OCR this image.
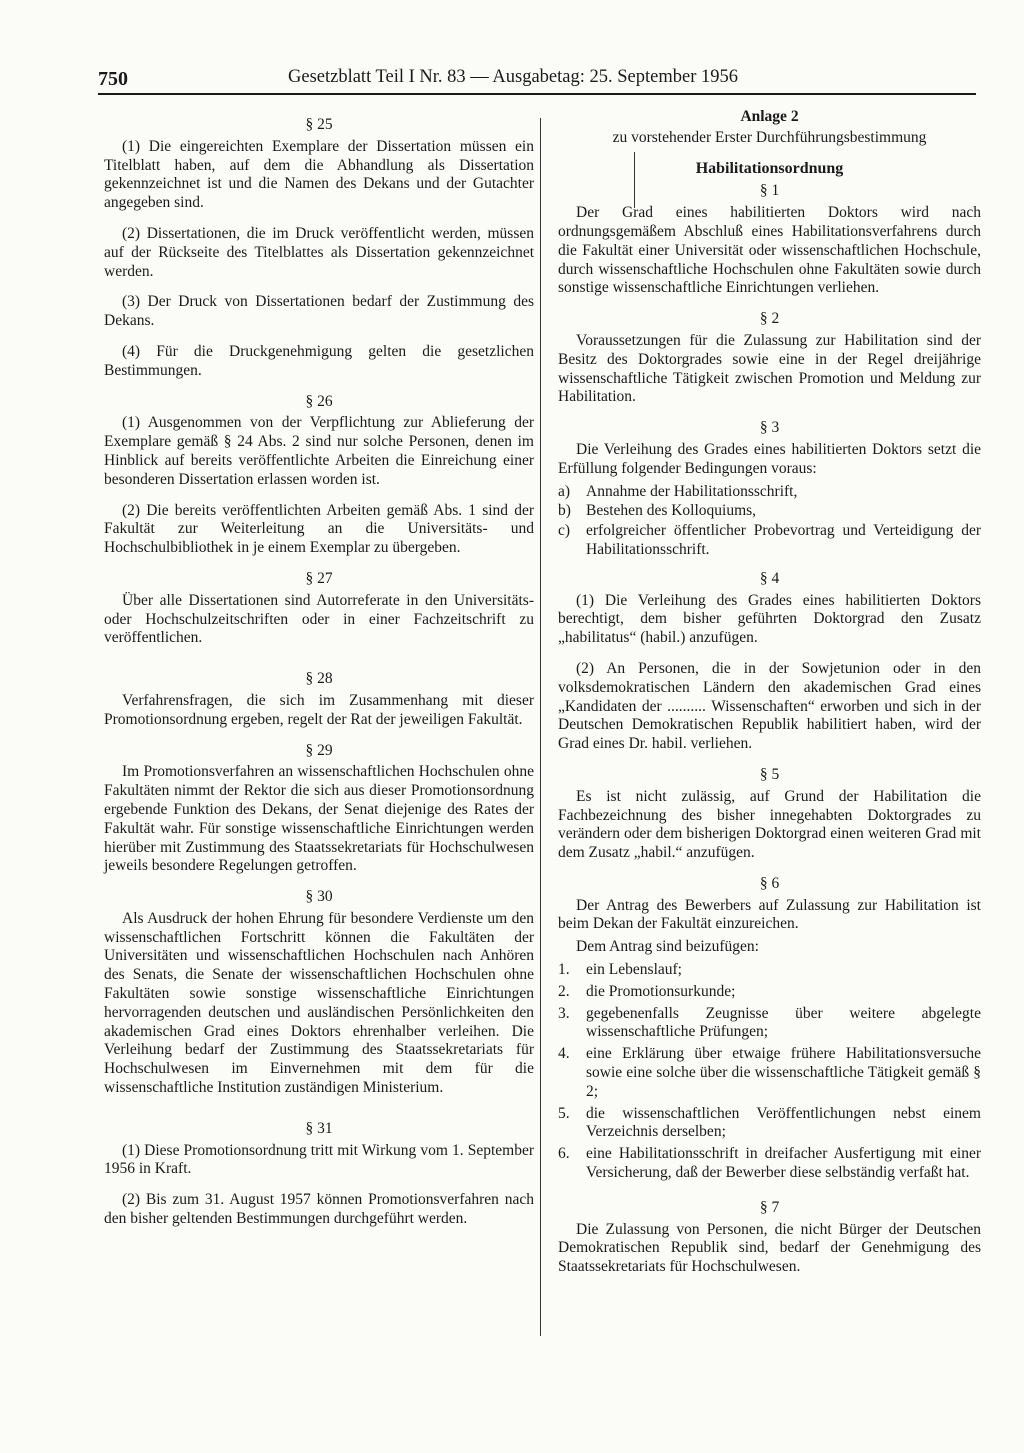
750	Gesetzblatt Teil I Nr. 83 — Ausgabetag: 25. September 1956
§ 25

(1) Die eingereichten Exemplare der Dissertation müssen ein Titelblatt haben, auf dem die Abhandlung als Dissertation gekennzeichnet ist und die Namen des Dekans und der Gutachter angegeben sind.

(2) Dissertationen, die im Druck veröffentlicht werden, müssen auf der Rückseite des Titelblattes als Dissertation gekennzeichnet werden.

(3) Der Druck von Dissertationen bedarf der Zustimmung des Dekans.

(4) Für die Druckgenehmigung gelten die gesetzlichen Bestimmungen.

§ 26

(1) Ausgenommen von der Verpflichtung zur Ablieferung der Exemplare gemäß § 24 Abs. 2 sind nur solche Personen, denen im Hinblick auf bereits veröffentlichte Arbeiten die Einreichung einer besonderen Dissertation erlassen worden ist.

(2) Die bereits veröffentlichten Arbeiten gemäß Abs. 1 sind der Fakultät zur Weiterleitung an die Universitäts- und Hochschulbibliothek in je einem Exemplar zu übergeben.

§ 27

Über alle Dissertationen sind Autorreferate in den Universitäts- oder Hochschulzeitschriften oder in einer Fachzeitschrift zu veröffentlichen.

§ 28

Verfahrensfragen, die sich im Zusammenhang mit dieser Promotionsordnung ergeben, regelt der Rat der jeweiligen Fakultät.

§ 29

Im Promotionsverfahren an wissenschaftlichen Hochschulen ohne Fakultäten nimmt der Rektor die sich aus dieser Promotionsordnung ergebende Funktion des Dekans, der Senat diejenige des Rates der Fakultät wahr. Für sonstige wissenschaftliche Einrichtungen werden hierüber mit Zustimmung des Staatssekretariats für Hochschulwesen jeweils besondere Regelungen getroffen.

§ 30

Als Ausdruck der hohen Ehrung für besondere Verdienste um den wissenschaftlichen Fortschritt können die Fakultäten der Universitäten und wissenschaftlichen Hochschulen nach Anhören des Senats, die Senate der wissenschaftlichen Hochschulen ohne Fakultäten sowie sonstige wissenschaftliche Einrichtungen hervorragenden deutschen und ausländischen Persönlichkeiten den akademischen Grad eines Doktors ehrenhalber verleihen. Die Verleihung bedarf der Zustimmung des Staatssekretariats für Hochschulwesen im Einvernehmen mit dem für die wissenschaftliche Institution zuständigen Ministerium.

§ 31

(1) Diese Promotionsordnung tritt mit Wirkung vom 1. September 1956 in Kraft.

(2) Bis zum 31. August 1957 können Promotionsverfahren nach den bisher geltenden Bestimmungen durchgeführt werden.

Anlage 2
zu vorstehender Erster Durchführungsbestimmung
Habilitationsordnung
§ 1

Der Grad eines habilitierten Doktors wird nach ordnungsgemäßem Abschluß eines Habilitationsverfahrens durch die Fakultät einer Universität oder wissenschaftlichen Hochschule, durch wissenschaftliche Hochschulen ohne Fakultäten sowie durch sonstige wissenschaftliche Einrichtungen verliehen.

§ 2

Voraussetzungen für die Zulassung zur Habilitation sind der Besitz des Doktorgrades sowie eine in der Regel dreijährige wissenschaftliche Tätigkeit zwischen Promotion und Meldung zur Habilitation.

§ 3

Die Verleihung des Grades eines habilitierten Doktors setzt die Erfüllung folgender Bedingungen voraus:

a) Annahme der Habilitationsschrift,
b) Bestehen des Kolloquiums,
c) erfolgreicher öffentlicher Probevortrag und Verteidigung der Habilitationsschrift.
§ 4

(1) Die Verleihung des Grades eines habilitierten Doktors berechtigt, dem bisher geführten Doktorgrad den Zusatz „habilitatus“ (habil.) anzufügen.

(2) An Personen, die in der Sowjetunion oder in den volksdemokratischen Ländern den akademischen Grad eines „Kandidaten der .......... Wissenschaften“ erworben und sich in der Deutschen Demokratischen Republik habilitiert haben, wird der Grad eines Dr. habil. verliehen.

§ 5

Es ist nicht zulässig, auf Grund der Habilitation die Fachbezeichnung des bisher innegehabten Doktorgrades zu verändern oder dem bisherigen Doktorgrad einen weiteren Grad mit dem Zusatz „habil.“ anzufügen.

§ 6

Der Antrag des Bewerbers auf Zulassung zur Habilitation ist beim Dekan der Fakultät einzureichen.

Dem Antrag sind beizufügen:

1. ein Lebenslauf;
2. die Promotionsurkunde;
3. gegebenenfalls Zeugnisse über weitere abgelegte wissenschaftliche Prüfungen;
4. eine Erklärung über etwaige frühere Habilitationsversuche sowie eine solche über die wissenschaftliche Tätigkeit gemäß § 2;
5. die wissenschaftlichen Veröffentlichungen nebst einem Verzeichnis derselben;
6. eine Habilitationsschrift in dreifacher Ausfertigung mit einer Versicherung, daß der Bewerber diese selbständig verfaßt hat.
§ 7

Die Zulassung von Personen, die nicht Bürger der Deutschen Demokratischen Republik sind, bedarf der Genehmigung des Staatssekretariats für Hochschulwesen.
